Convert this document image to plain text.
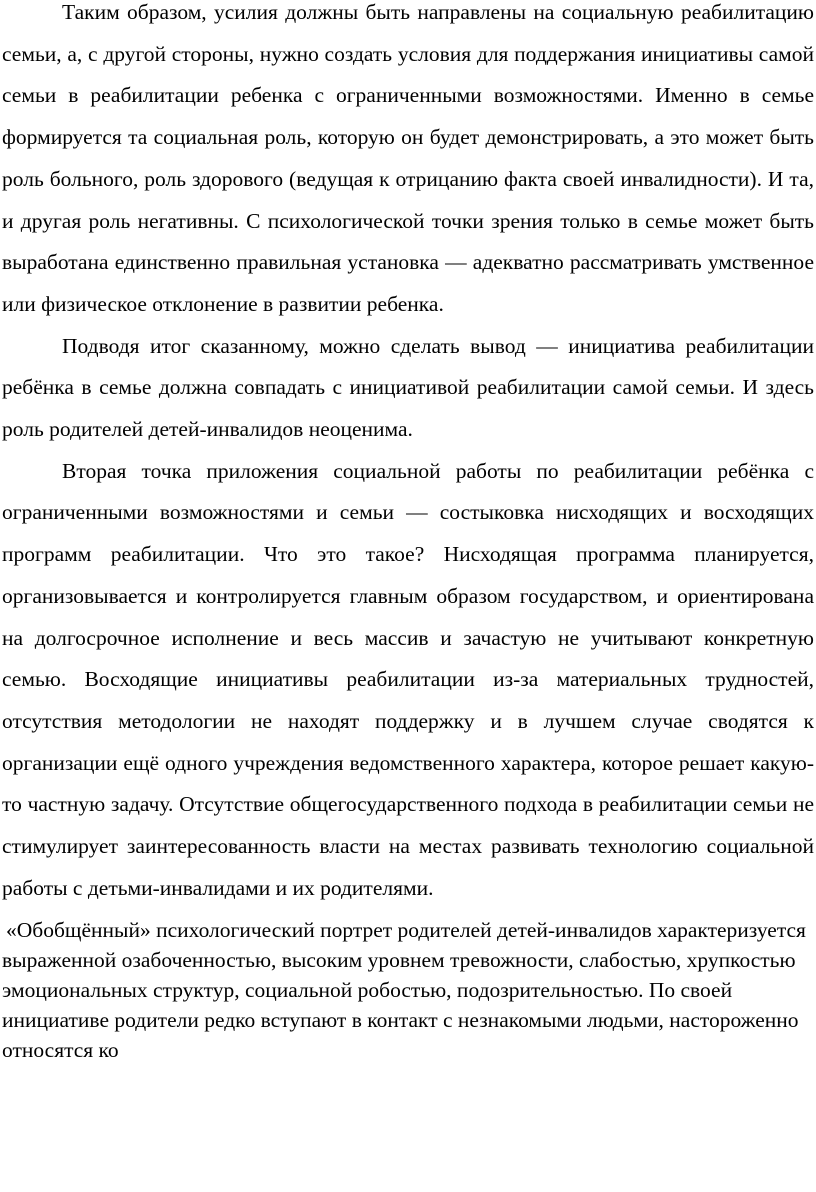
Таким образом, усилия должны быть направлены на социальную реабилитацию семьи, а, с другой стороны, нужно создать условия для поддержания инициативы самой семьи в реабилитации ребенка с ограниченными возможностями. Именно в семье формируется та социальная роль, которую он будет демонстрировать, а это может быть роль больного, роль здорового (ведущая к отрицанию факта своей инвалидности). И та, и другая роль негативны. С психологической точки зрения только в семье может быть выработана единственно правильная установка — адекватно рассматривать умственное или физическое отклонение в развитии ребенка.

Подводя итог сказанному, можно сделать вывод — инициатива реабилитации ребёнка в семье должна совпадать с инициативой реабилитации самой семьи. И здесь роль родителей детей-инвалидов неоценима.

Вторая точка приложения социальной работы по реабилитации ребёнка с ограниченными возможностями и семьи — состыковка нисходящих и восходящих программ реабилитации. Что это такое? Нисходящая программа планируется, организовывается и контролируется главным образом государством, и ориентирована на долгосрочное исполнение и весь массив и зачастую не учитывают конкретную семью. Восходящие инициативы реабилитации из-за материальных трудностей, отсутствия методологии не находят поддержку и в лучшем случае сводятся к организации ещё одного учреждения ведомственного характера, которое решает какую-то частную задачу. Отсутствие общегосударственного подхода в реабилитации семьи не стимулирует заинтересованность власти на местах развивать технологию социальной работы с детьми-инвалидами и их родителями.

«Обобщённый» психологический портрет родителей детей-инвалидов характеризуется выраженной озабоченностью, высоким уровнем тревожности, слабостью, хрупкостью эмоциональных структур, социальной робостью, подозрительностью. По своей инициативе родители редко вступают в контакт с незнакомыми людьми, настороженно относятся ко
